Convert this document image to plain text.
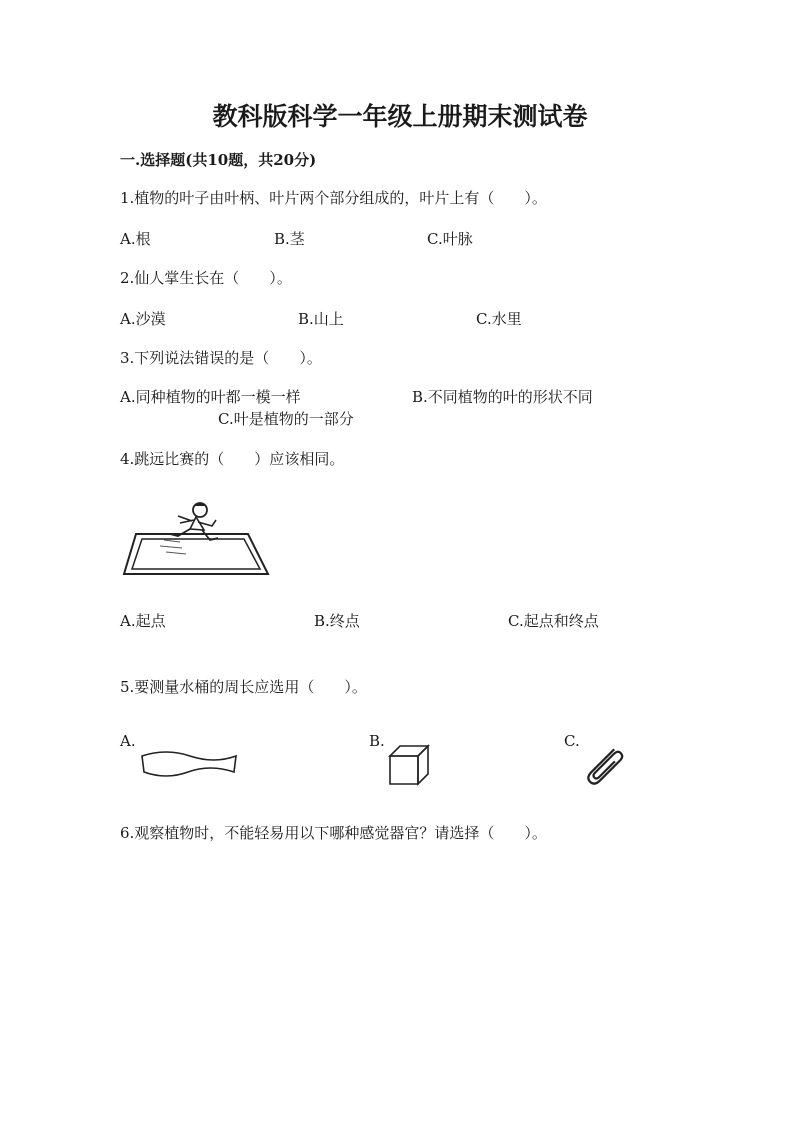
教科版科学一年级上册期末测试卷
一.选择题(共10题，共20分)
1.植物的叶子由叶柄、叶片两个部分组成的，叶片上有（　　）。
A.根	B.茎	C.叶脉
2.仙人掌生长在（　　）。
A.沙漠	B.山上	C.水里
3.下列说法错误的是（　　）。
A.同种植物的叶都一模一样	B.不同植物的叶的形状不同
C.叶是植物的一部分
4.跳远比赛的（　　）应该相同。
A.起点	B.终点	C.起点和终点
5.要测量水桶的周长应选用（　　）。
A.	B.	C.
6.观察植物时，不能轻易用以下哪种感觉器官？请选择（　　）。
